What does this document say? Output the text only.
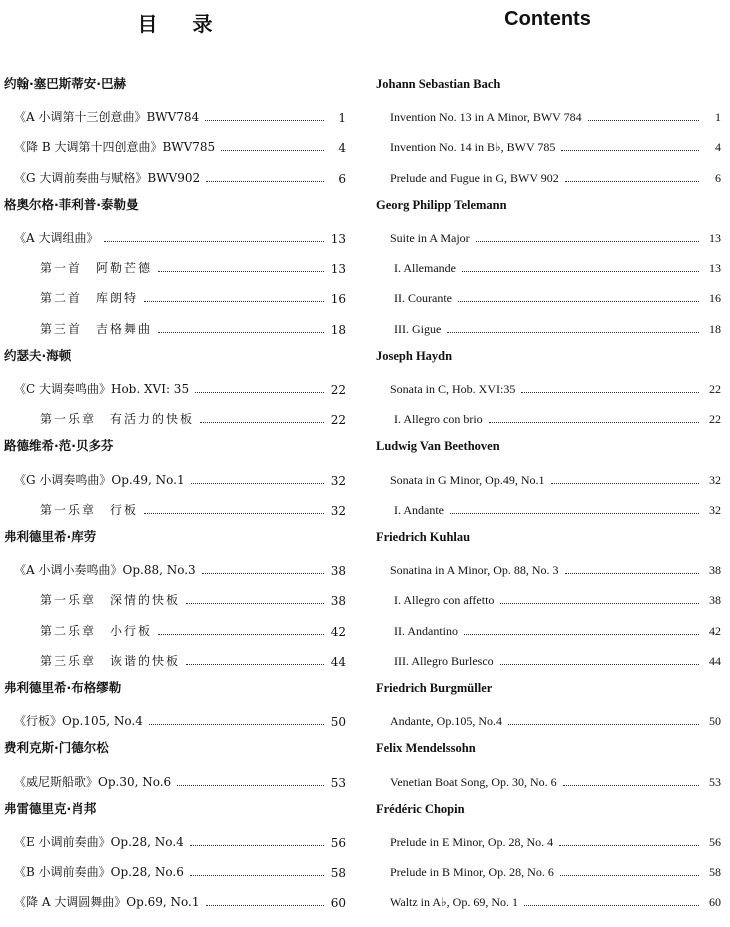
目 录
约翰·塞巴斯蒂安·巴赫
《A 小调第十三创意曲》BWV784	1
《降 B 大调第十四创意曲》BWV785	4
《G 大调前奏曲与赋格》BWV902	6
格奥尔格·菲利普·泰勒曼
《A 大调组曲》	13
第一首　阿勒芒德	13
第二首　库朗特	16
第三首　吉格舞曲	18
约瑟夫·海顿
《C 大调奏鸣曲》Hob. XVI: 35	22
第一乐章　有活力的快板	22
路德维希·范·贝多芬
《G 小调奏鸣曲》Op.49, No.1	32
第一乐章　行板	32
弗利德里希·库劳
《A 小调小奏鸣曲》Op.88, No.3	38
第一乐章　深情的快板	38
第二乐章　小行板	42
第三乐章　诙谐的快板	44
弗利德里希·布格缪勒
《行板》Op.105, No.4	50
费利克斯·门德尔松
《威尼斯船歌》Op.30, No.6	53
弗雷德里克·肖邦
《E 小调前奏曲》Op.28, No.4	56
《B 小调前奏曲》Op.28, No.6	58
《降 A 大调圆舞曲》Op.69, No.1	60
Contents
Johann Sebastian Bach
Invention No. 13 in A Minor, BWV 784	1
Invention No. 14 in B♭, BWV 785	4
Prelude and Fugue in G, BWV 902	6
Georg Philipp Telemann
Suite in A Major	13
I. Allemande	13
II. Courante	16
III. Gigue	18
Joseph Haydn
Sonata in C, Hob. XVI:35	22
I. Allegro con brio	22
Ludwig Van Beethoven
Sonata in G Minor, Op.49, No.1	32
I. Andante	32
Friedrich Kuhlau
Sonatina in A Minor, Op. 88, No. 3	38
I. Allegro con affetto	38
II. Andantino	42
III. Allegro Burlesco	44
Friedrich Burgmüller
Andante, Op.105, No.4	50
Felix Mendelssohn
Venetian Boat Song, Op. 30, No. 6	53
Frédéric Chopin
Prelude in E Minor, Op. 28, No. 4	56
Prelude in B Minor, Op. 28, No. 6	58
Waltz in A♭, Op. 69, No. 1	60
